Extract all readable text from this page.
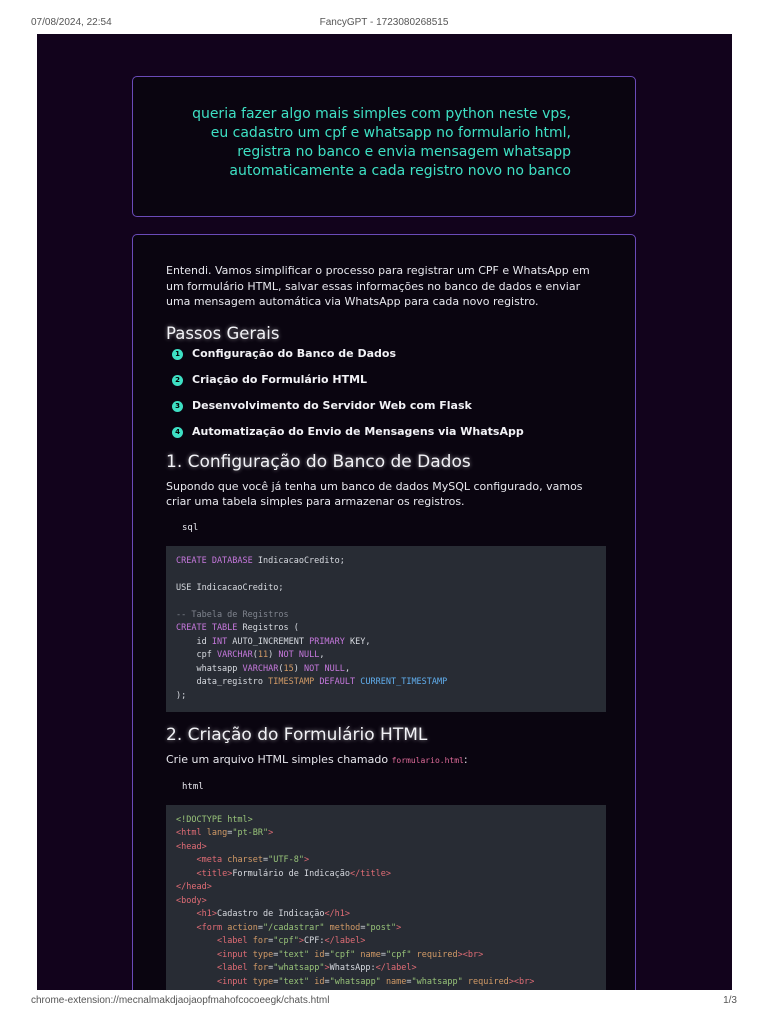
07/08/2024, 22:54	FancyGPT - 1723080268515
queria fazer algo mais simples com python neste vps, eu cadastro um cpf e whatsapp no formulario html, registra no banco e envia mensagem whatsapp automaticamente a cada registro novo no banco

Entendi. Vamos simplificar o processo para registrar um CPF e WhatsApp em um formulário HTML, salvar essas informações no banco de dados e enviar uma mensagem automática via WhatsApp para cada novo registro.

Passos Gerais
1 Configuração do Banco de Dados
2 Criação do Formulário HTML
3 Desenvolvimento do Servidor Web com Flask
4 Automatização do Envio de Mensagens via WhatsApp
1. Configuração do Banco de Dados

Supondo que você já tenha um banco de dados MySQL configurado, vamos criar uma tabela simples para armazenar os registros.

sql
CREATE DATABASE IndicacaoCredito;

USE IndicacaoCredito;

-- Tabela de Registros
CREATE TABLE Registros (
id INT AUTO_INCREMENT PRIMARY KEY,
cpf VARCHAR(11) NOT NULL,
whatsapp VARCHAR(15) NOT NULL,
data_registro TIMESTAMP DEFAULT CURRENT_TIMESTAMP
);
2. Criação do Formulário HTML

Crie um arquivo HTML simples chamado formulario.html:

html
<!DOCTYPE html>
<html lang="pt-BR">
<head>
<meta charset="UTF-8">
<title>Formulário de Indicação</title>
</head>
<body>
<h1>Cadastro de Indicação</h1>
<form action="/cadastrar" method="post">
<label for="cpf">CPF:</label>
<input type="text" id="cpf" name="cpf" required><br>
<label for="whatsapp">WhatsApp:</label>
<input type="text" id="whatsapp" name="whatsapp" required><br>

chrome-extension://mecnalmakdjaojaopfmahofcocoeegk/chats.html	1/3
